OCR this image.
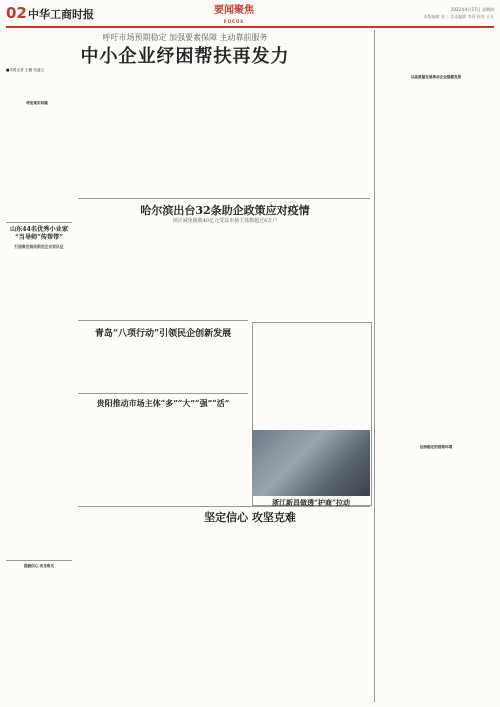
02 中华工商时报	要闻聚焦
FOCUS
2022年4月17日 星期四
本版编辑 张三 美术编辑 李四 校对 王五
呼吁市场预期稳定 加强要素保障 主动靠前服务
中小企业纾困帮扶再发力

■本报记者 王璐 吴凌云

呼应现实问题

山东44名优秀小业家 “当导师”传帮带”
打造鲁优商创新型企业家队伍

提振信心 攻克难关

哈尔滨出台32条助企政策应对疫情
预计减免税收40亿元受益市场主体数超过6万户
青岛“八项行动”引领民企创新发展
贵阳推动市场主体“多”“大”“强”“活”

浙江新昌做透“护商”拉动
坚定信心 攻坚克难

以高质量发展推动企业稳健发展

法治稳定的营商环境
